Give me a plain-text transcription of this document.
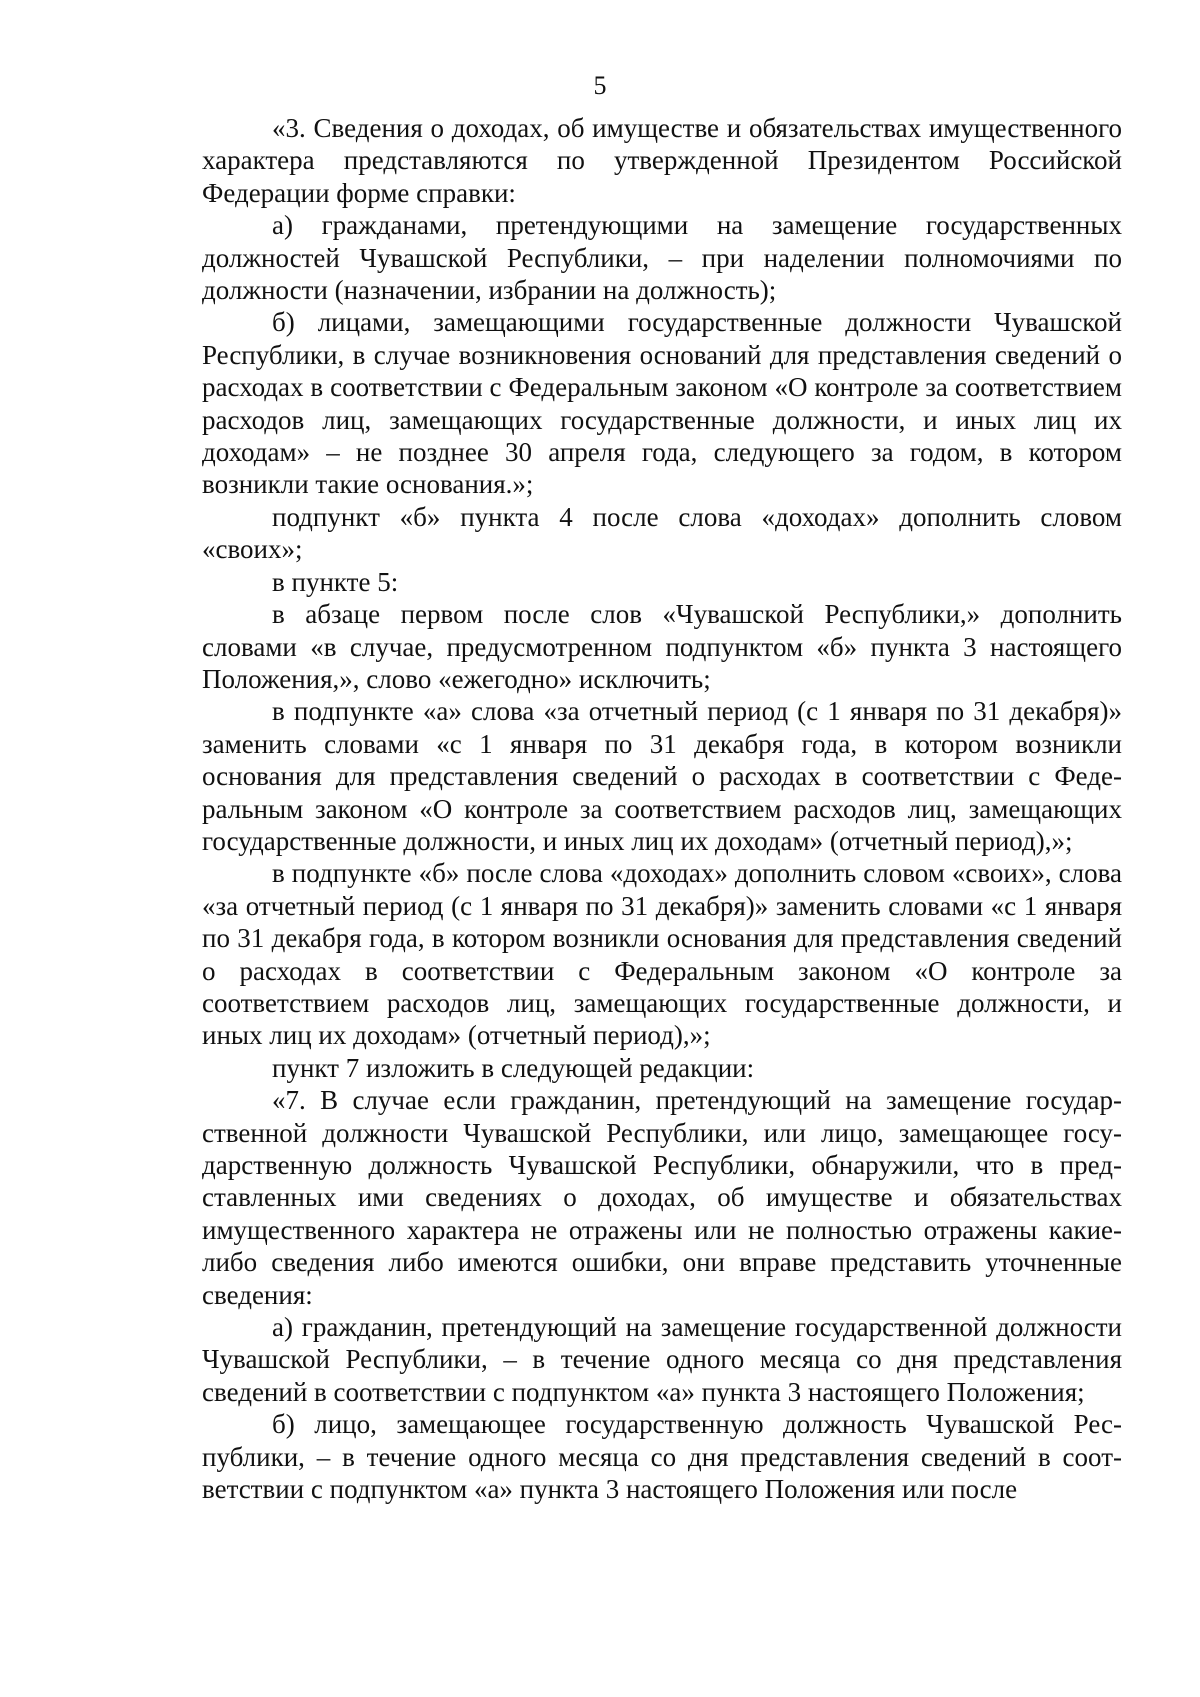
5

«3. Сведения о доходах, об имуществе и обязательствах имущественного характера представляются по утвержденной Президентом Российской Федерации форме справки:

а) гражданами, претендующими на замещение государственных должностей Чувашской Республики, – при наделении полномочиями по должности (назначении, избрании на должность);

б) лицами, замещающими государственные должности Чувашской Республики, в случае возникновения оснований для представления сведений о расходах в соответствии с Федеральным законом «О контроле за соответствием расходов лиц, замещающих государственные должности, и иных лиц их доходам» – не позднее 30 апреля года, следующего за годом, в котором возникли такие основания.»;

подпункт «б» пункта 4 после слова «доходах» дополнить словом «своих»;

в пункте 5:

в абзаце первом после слов «Чувашской Республики,» дополнить словами «в случае, предусмотренном подпунктом «б» пункта 3 настоящего Положения,», слово «ежегодно» исключить;

в подпункте «а» слова «за отчетный период (с 1 января по 31 декабря)» заменить словами «с 1 января по 31 декабря года, в котором возникли основания для представления сведений о расходах в соответствии с Федеральным законом «О контроле за соответствием расходов лиц, замещающих государственные должности, и иных лиц их доходам» (отчетный период),»;

в подпункте «б» после слова «доходах» дополнить словом «своих», слова «за отчетный период (с 1 января по 31 декабря)» заменить словами «с 1 января по 31 декабря года, в котором возникли основания для представления сведений о расходах в соответствии с Федеральным законом «О контроле за соответствием расходов лиц, замещающих государственные должности, и иных лиц их доходам» (отчетный период),»;

пункт 7 изложить в следующей редакции:

«7. В случае если гражданин, претендующий на замещение государственной должности Чувашской Республики, или лицо, замещающее государственную должность Чувашской Республики, обнаружили, что в представленных ими сведениях о доходах, об имуществе и обязательствах имущественного характера не отражены или не полностью отражены какие-либо сведения либо имеются ошибки, они вправе представить уточненные сведения:

а) гражданин, претендующий на замещение государственной должности Чувашской Республики, – в течение одного месяца со дня представления сведений в соответствии с подпунктом «а» пункта 3 настоящего Положения;

б) лицо, замещающее государственную должность Чувашской Республики, – в течение одного месяца со дня представления сведений в соответствии с подпунктом «а» пункта 3 настоящего Положения или после
